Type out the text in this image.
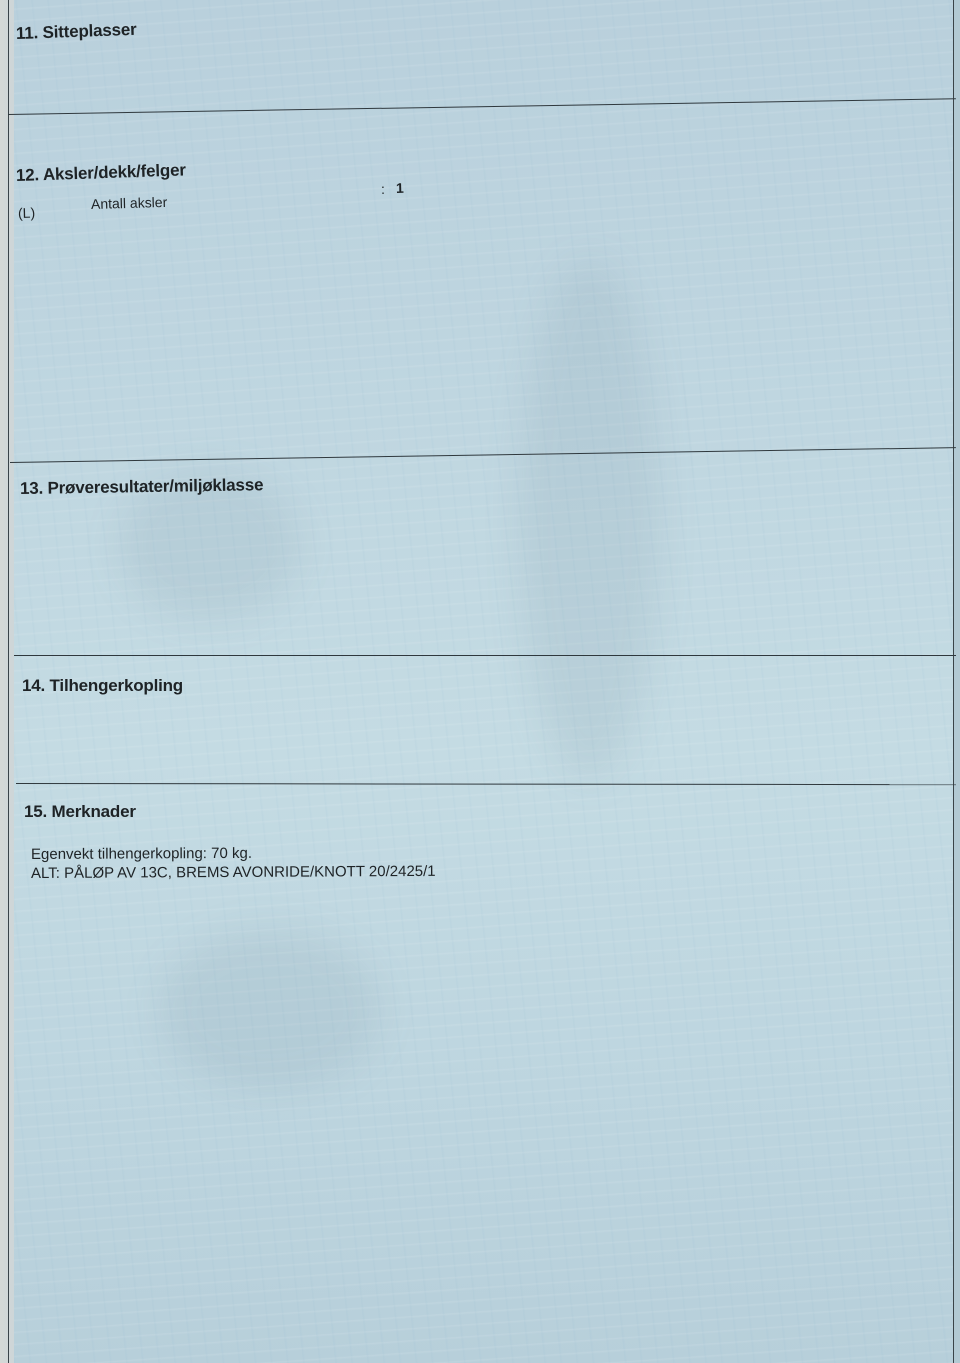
11. Sitteplasser
12. Aksler/dekk/felger
(L)
Antall aksler
: 1
13. Prøveresultater/miljøklasse
14. Tilhengerkopling
15. Merknader
Egenvekt tilhengerkopling: 70 kg.
ALT: PÅLØP AV 13C, BREMS AVONRIDE/KNOTT 20/2425/1
